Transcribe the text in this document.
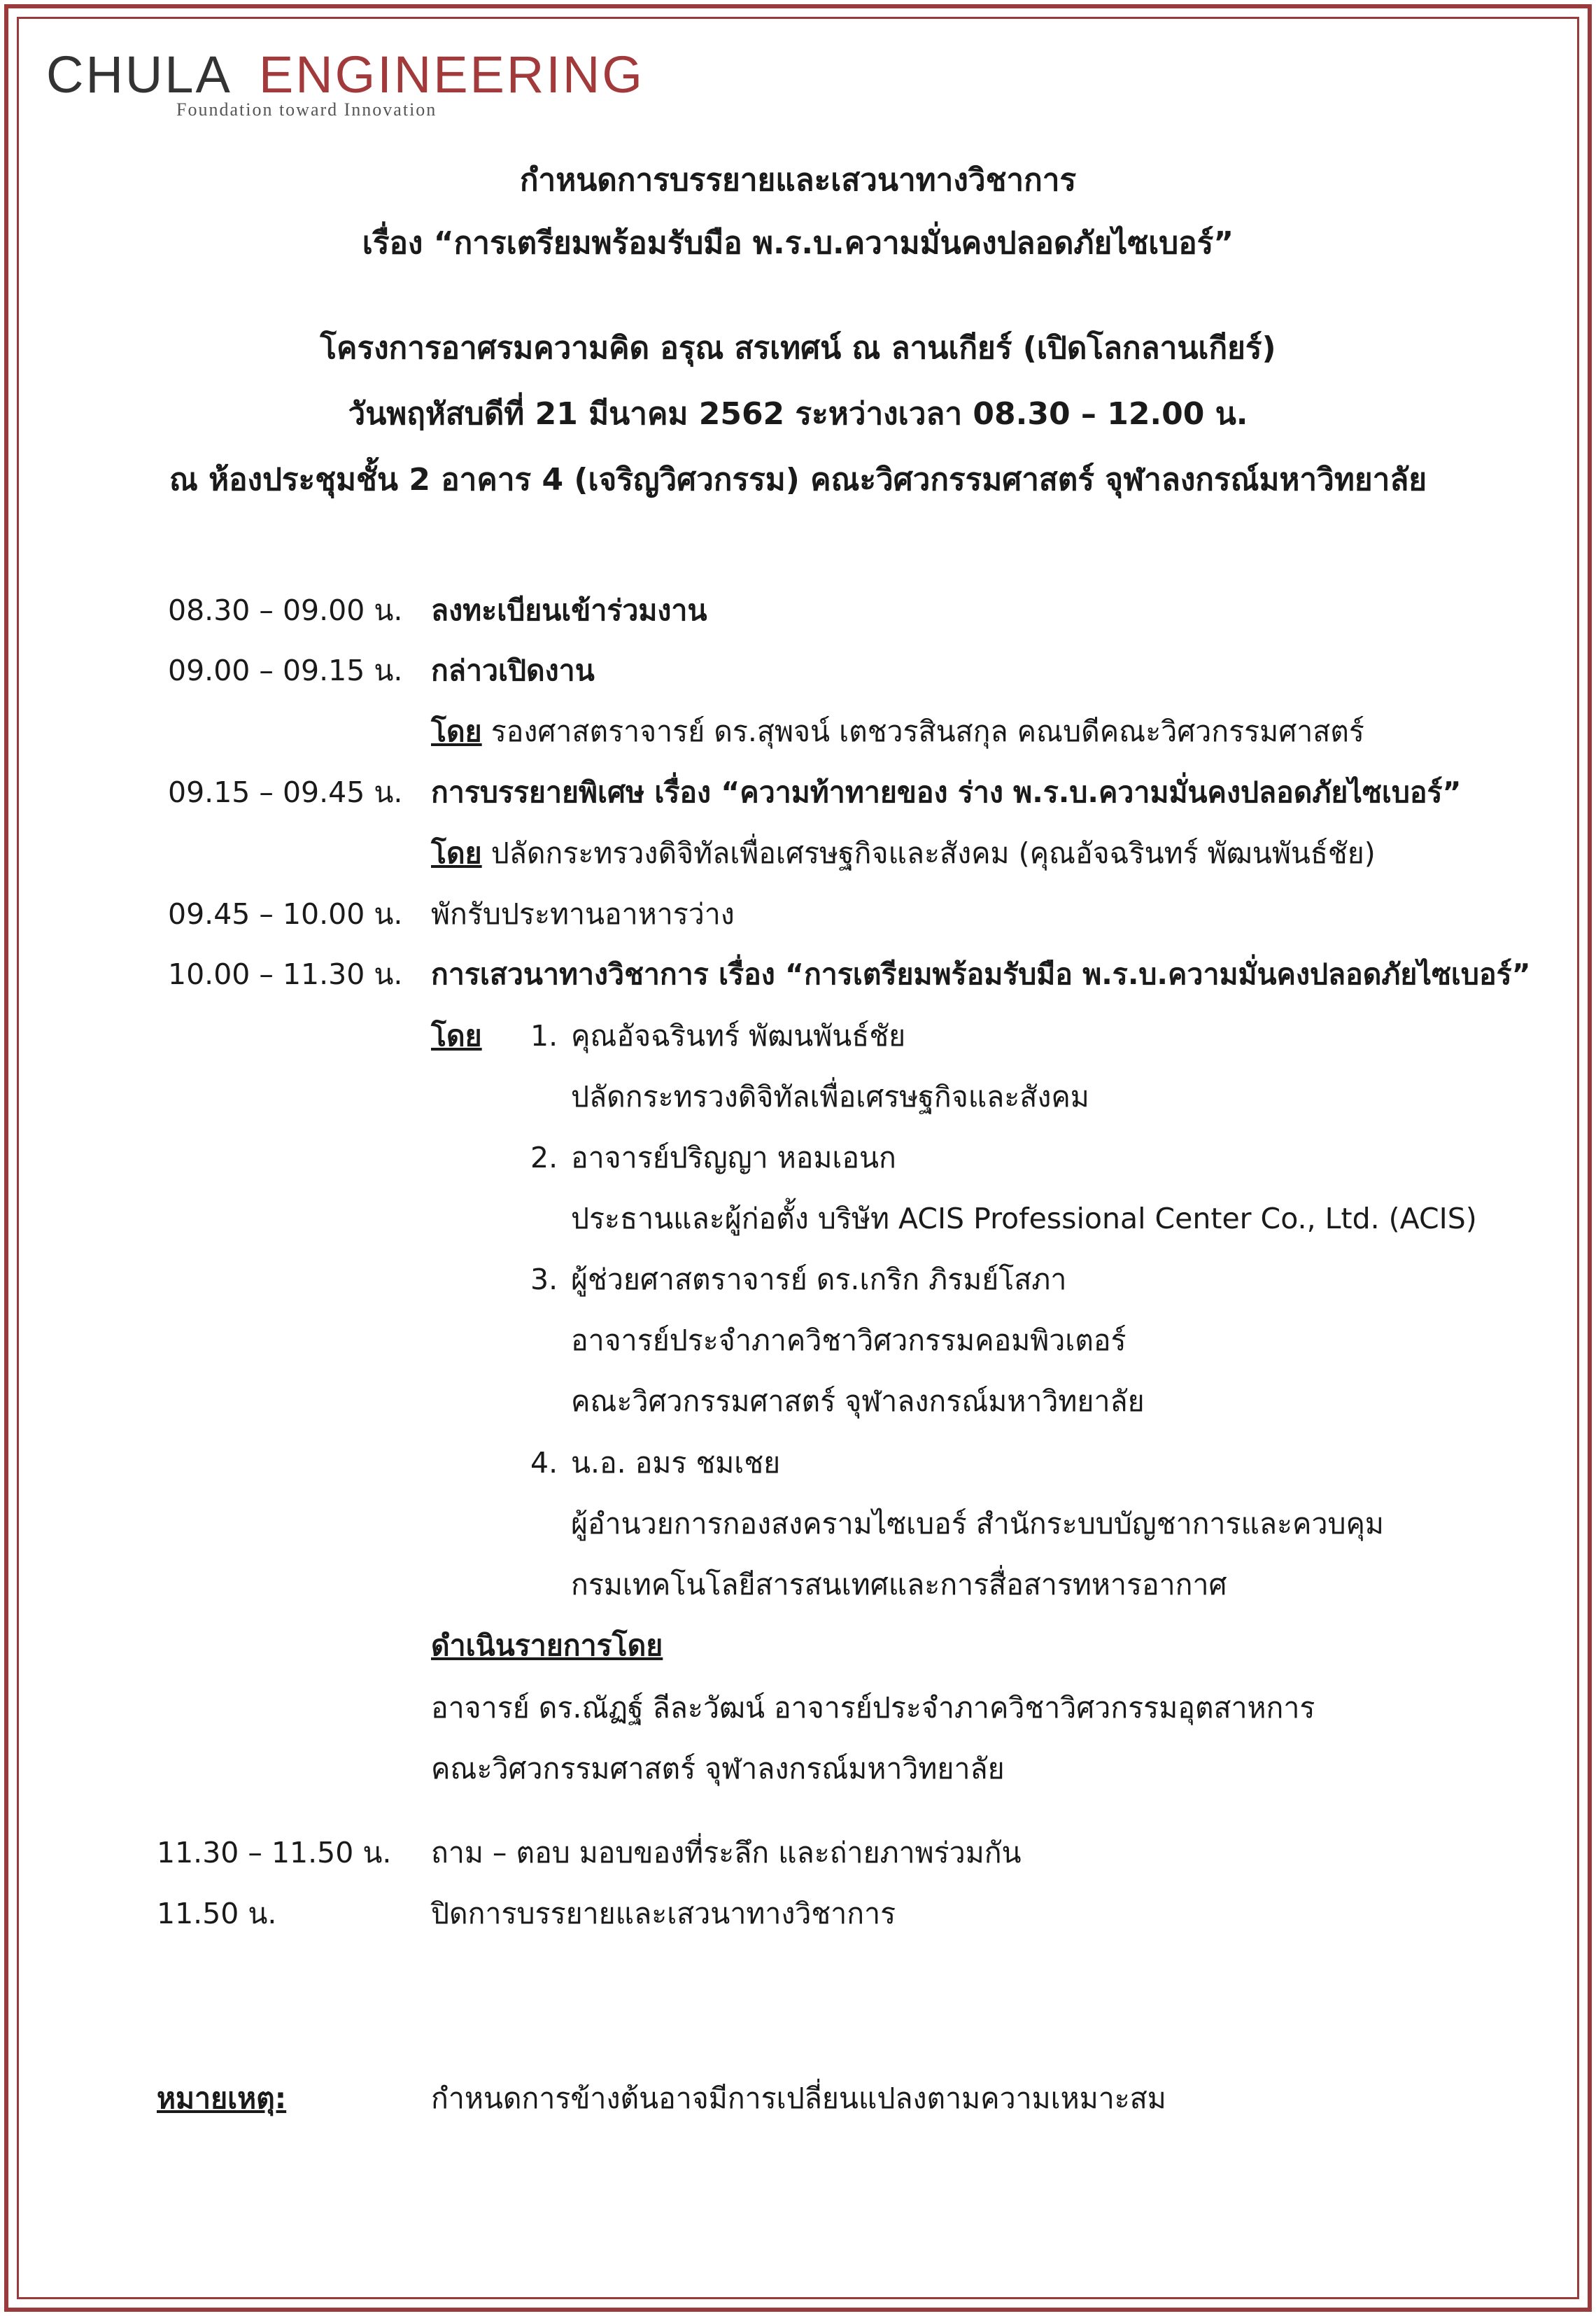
CHULA ENGINEERING
Foundation toward Innovation
กำหนดการบรรยายและเสวนาทางวิชาการ
เรื่อง “การเตรียมพร้อมรับมือ พ.ร.บ.ความมั่นคงปลอดภัยไซเบอร์”
โครงการอาศรมความคิด อรุณ สรเทศน์ ณ ลานเกียร์ (เปิดโลกลานเกียร์)
วันพฤหัสบดีที่ 21 มีนาคม 2562 ระหว่างเวลา 08.30 – 12.00 น.
ณ ห้องประชุมชั้น 2 อาคาร 4 (เจริญวิศวกรรม) คณะวิศวกรรมศาสตร์ จุฬาลงกรณ์มหาวิทยาลัย
08.30 – 09.00 น. ลงทะเบียนเข้าร่วมงาน
09.00 – 09.15 น. กล่าวเปิดงาน
โดย รองศาสตราจารย์ ดร.สุพจน์ เตชวรสินสกุล คณบดีคณะวิศวกรรมศาสตร์
09.15 – 09.45 น. การบรรยายพิเศษ เรื่อง “ความท้าทายของ ร่าง พ.ร.บ.ความมั่นคงปลอดภัยไซเบอร์”
โดย ปลัดกระทรวงดิจิทัลเพื่อเศรษฐกิจและสังคม (คุณอัจฉรินทร์ พัฒนพันธ์ชัย)
09.45 – 10.00 น. พักรับประทานอาหารว่าง
10.00 – 11.30 น. การเสวนาทางวิชาการ เรื่อง “การเตรียมพร้อมรับมือ พ.ร.บ.ความมั่นคงปลอดภัยไซเบอร์”
โดย 1. คุณอัจฉรินทร์ พัฒนพันธ์ชัย
ปลัดกระทรวงดิจิทัลเพื่อเศรษฐกิจและสังคม
2. อาจารย์ปริญญา หอมเอนก
ประธานและผู้ก่อตั้ง บริษัท ACIS Professional Center Co., Ltd. (ACIS)
3. ผู้ช่วยศาสตราจารย์ ดร.เกริก ภิรมย์โสภา
อาจารย์ประจำภาควิชาวิศวกรรมคอมพิวเตอร์
คณะวิศวกรรมศาสตร์ จุฬาลงกรณ์มหาวิทยาลัย
4. น.อ. อมร ชมเชย
ผู้อำนวยการกองสงครามไซเบอร์ สำนักระบบบัญชาการและควบคุม
กรมเทคโนโลยีสารสนเทศและการสื่อสารทหารอากาศ
ดำเนินรายการโดย
อาจารย์ ดร.ณัฏฐ์ ลีละวัฒน์ อาจารย์ประจำภาควิชาวิศวกรรมอุตสาหการ
คณะวิศวกรรมศาสตร์ จุฬาลงกรณ์มหาวิทยาลัย
11.30 – 11.50 น. ถาม – ตอบ มอบของที่ระลึก และถ่ายภาพร่วมกัน
11.50 น.	ปิดการบรรยายและเสวนาทางวิชาการ
หมายเหตุ:	กำหนดการข้างต้นอาจมีการเปลี่ยนแปลงตามความเหมาะสม
